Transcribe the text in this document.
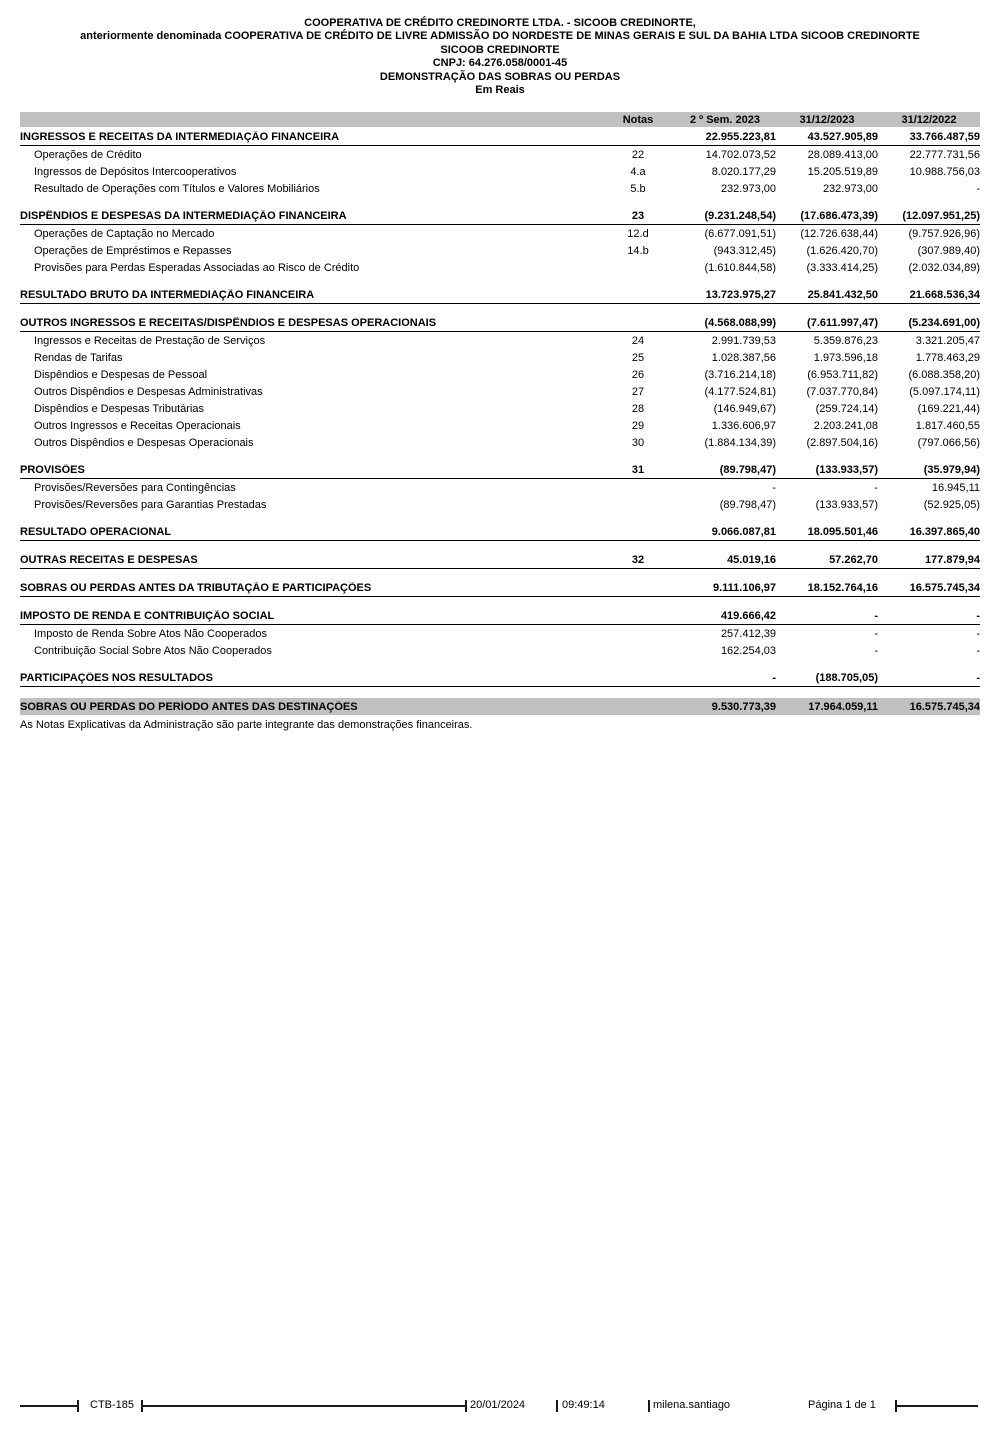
COOPERATIVA DE CRÉDITO CREDINORTE LTDA. - SICOOB CREDINORTE,
anteriormente denominada COOPERATIVA DE CRÉDITO DE LIVRE ADMISSÃO DO NORDESTE DE MINAS GERAIS E SUL DA BAHIA LTDA SICOOB CREDINORTE
SICOOB CREDINORTE
CNPJ: 64.276.058/0001-45
DEMONSTRAÇÃO DAS SOBRAS OU PERDAS
Em Reais
Notas	2 º Sem. 2023	31/12/2023	31/12/2022
INGRESSOS E RECEITAS DA INTERMEDIAÇÃO FINANCEIRA	22.955.223,81	43.527.905,89	33.766.487,59
Operações de Crédito	22	14.702.073,52	28.089.413,00	22.777.731,56
Ingressos de Depósitos Intercooperativos	4.a	8.020.177,29	15.205.519,89	10.988.756,03
Resultado de Operações com Títulos e Valores Mobiliários	5.b	232.973,00	232.973,00	-
DISPÊNDIOS E DESPESAS DA INTERMEDIAÇÃO FINANCEIRA	23	(9.231.248,54)	(17.686.473,39)	(12.097.951,25)
Operações de Captação no Mercado	12.d	(6.677.091,51)	(12.726.638,44)	(9.757.926,96)
Operações de Empréstimos e Repasses	14.b	(943.312,45)	(1.626.420,70)	(307.989,40)
Provisões para Perdas Esperadas Associadas ao Risco de Crédito	(1.610.844,58)	(3.333.414,25)	(2.032.034,89)
RESULTADO BRUTO DA INTERMEDIAÇÃO FINANCEIRA	13.723.975,27	25.841.432,50	21.668.536,34
OUTROS INGRESSOS E RECEITAS/DISPÊNDIOS E DESPESAS OPERACIONAIS	(4.568.088,99)	(7.611.997,47)	(5.234.691,00)
Ingressos e Receitas de Prestação de Serviços	24	2.991.739,53	5.359.876,23	3.321.205,47
Rendas de Tarifas	25	1.028.387,56	1.973.596,18	1.778.463,29
Dispêndios e Despesas de Pessoal	26	(3.716.214,18)	(6.953.711,82)	(6.088.358,20)
Outros Dispêndios e Despesas Administrativas	27	(4.177.524,81)	(7.037.770,84)	(5.097.174,11)
Dispêndios e Despesas Tributárias	28	(146.949,67)	(259.724,14)	(169.221,44)
Outros Ingressos e Receitas Operacionais	29	1.336.606,97	2.203.241,08	1.817.460,55
Outros Dispêndios e Despesas Operacionais	30	(1.884.134,39)	(2.897.504,16)	(797.066,56)
PROVISÕES	31	(89.798,47)	(133.933,57)	(35.979,94)
Provisões/Reversões para Contingências	-	-	16.945,11
Provisões/Reversões para Garantias Prestadas	(89.798,47)	(133.933,57)	(52.925,05)
RESULTADO OPERACIONAL	9.066.087,81	18.095.501,46	16.397.865,40
OUTRAS RECEITAS E DESPESAS	32	45.019,16	57.262,70	177.879,94
SOBRAS OU PERDAS ANTES DA TRIBUTAÇÃO E PARTICIPAÇÕES	9.111.106,97	18.152.764,16	16.575.745,34
IMPOSTO DE RENDA E CONTRIBUIÇÃO SOCIAL	419.666,42	-	-
Imposto de Renda Sobre Atos Não Cooperados	257.412,39	-	-
Contribuição Social Sobre Atos Não Cooperados	162.254,03	-	-
PARTICIPAÇÕES NOS RESULTADOS	-	(188.705,05)	-
SOBRAS OU PERDAS DO PERÍODO ANTES DAS DESTINAÇÕES	9.530.773,39	17.964.059,11	16.575.745,34
As Notas Explicativas da Administração são parte integrante das demonstrações financeiras.
CTB-185	20/01/2024	09:49:14	milena.santiago	Página 1 de 1
